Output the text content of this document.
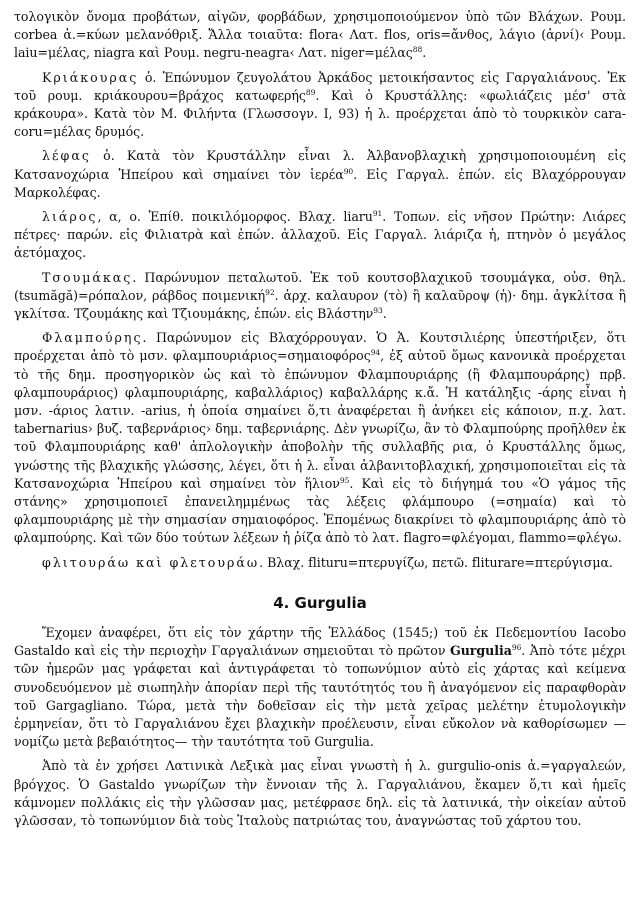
τολογικὸν ὄνομα προβάτων, αἰγῶν, φορβάδων, χρησιμοποιούμενον ὑπὸ τῶν Βλάχων. Ρουμ. corbea ἀ.=κύων μελανόθριξ. Ἄλλα τοιαῦτα: flora‹ Λατ. flos, oris=ἄνθος, λάγιο (ἀρνί)‹ Ρουμ. laiu=μέλας, niagra καὶ Ρουμ. negru-neagra‹ Λατ. niger=μέλας$^{88}$.

Κριάκουρας ὁ. Ἐπώνυμον ζευγολάτου Ἀρκάδος μετοικήσαντος εἰς Γαργαλιάνους. Ἐκ τοῦ ρουμ. κριάκουρου=βράχος κατωφερής$^{89}$. Καὶ ὁ Κρυστάλλης: «φωλιάζεις μέσ' στὰ κράκουρα». Κατὰ τὸν Μ. Φιλήντα (Γλωσσογν. I, 93) ἡ λ. προέρχεται ἀπὸ τὸ τουρκικὸν cara-coru=μέλας δρυμός.

λέφας ὁ. Κατὰ τὸν Κρυστάλλην εἶναι λ. Ἀλβανοβλαχικὴ χρησιμοποιουμένη εἰς Κατσανοχώρια Ἠπείρου καὶ σημαίνει τὸν ἱερέα$^{90}$. Εἰς Γαργαλ. ἐπών. εἰς Βλαχόρρουγαν Μαρκολέφας.

λιάρος, α, ο. Ἐπίθ. ποικιλόμορφος. Βλαχ. liaru$^{91}$. Τοπων. εἰς νῆσον Πρώτην: Λιάρες πέτρες· παρών. εἰς Φιλιατρὰ καὶ ἐπών. ἀλλαχοῦ. Εἰς Γαργαλ. λιάριζα ἡ, πτηνὸν ὁ μεγάλος ἀετόμαχος.

Τσουμάκας. Παρώνυμον πεταλωτοῦ. Ἐκ τοῦ κουτσοβλαχικοῦ τσουμάγκα, οὐσ. θηλ. (tsumăgă)=ρόπαλον, ράβδος ποιμενική$^{92}$. ἀρχ. καλαυρον (τὸ) ἢ καλαῦροψ (ἡ)· δημ. ἀγκλίτσα ἢ γκλίτσα. Τζουμάκης καὶ Τζιουμάκης, ἐπών. εἰς Βλάστην$^{93}$.

Φλαμπούρης. Παρώνυμον εἰς Βλαχόρρουγαν. Ὁ Ἀ. Κουτσιλιέρης ὑπεστήριξεν, ὅτι προέρχεται ἀπὸ τὸ μσν. φλαμπουριάριος=σημαιοφόρος$^{94}$, ἐξ αὐτοῦ ὅμως κανονικὰ προέρχεται τὸ τῆς δημ. προσηγορικὸν ὡς καὶ τὸ ἐπώνυμον Φλαμπουριάρης (ἢ Φλαμπουράρης) πρβ. φλαμπουράριος) φλαμπουριάρης, καβαλλάριος) καβαλλάρης κ.ἄ. Ἡ κατάληξις -άρης εἶναι ἡ μσν. -άριος λατιν. -arius, ἡ ὁποία σημαίνει ὅ,τι ἀναφέρεται ἢ ἀνήκει εἰς κάποιον, π.χ. λατ. tabernarius› βυζ. ταβερνάριος› δημ. ταβερνιάρης. Δὲν γνωρίζω, ἂν τὸ Φλαμπούρης προῆλθεν ἐκ τοῦ Φλαμπουριάρης καθ' ἀπλολογικὴν ἀποβολὴν τῆς συλλαβῆς ρια, ὁ Κρυστάλλης ὅμως, γνώστης τῆς βλαχικῆς γλώσσης, λέγει, ὅτι ἡ λ. εἶναι ἀλβανιτοβλαχική, χρησιμοποιεῖται εἰς τὰ Κατσανοχώρια Ἠπείρου καὶ σημαίνει τὸν ἥλιον$^{95}$. Καὶ εἰς τὸ διήγημά του «Ὁ γάμος τῆς στάνης» χρησιμοποιεῖ ἐπανειλημμένως τὰς λέξεις φλάμπουρο (=σημαία) καὶ τὸ φλαμπουριάρης μὲ τὴν σημασίαν σημαιοφόρος. Ἑπομένως διακρίνει τὸ φλαμπουριάρης ἀπὸ τὸ φλαμπούρης. Καὶ τῶν δύο τούτων λέξεων ἡ ῥίζα ἀπὸ τὸ λατ. flagro=φλέγομαι, flammo=φλέγω.

φλιτουράω καὶ φλετουράω. Βλαχ. flituru=πτερυγίζω, πετῶ. fliturare=πτερύγισμα.

4. Gurgulia

Ἔχομεν ἀναφέρει, ὅτι εἰς τὸν χάρτην τῆς Ἑλλάδος (1545;) τοῦ ἐκ Πεδεμοντίου Iacobo Gastaldo καὶ εἰς τὴν περιοχὴν Γαργαλιάνων σημειοῦται τὸ πρῶτον Gurgulia$^{96}$. Ἀπὸ τότε μέχρι τῶν ἡμερῶν μας γράφεται καὶ ἀντιγράφεται τὸ τοπωνύμιον αὐτὸ εἰς χάρτας καὶ κείμενα συνοδευόμενον μὲ σιωπηλὴν ἀπορίαν περὶ τῆς ταυτότητός του ἢ ἀναγόμενον εἰς παραφθορὰν τοῦ Gargagliano. Τώρα, μετὰ τὴν δοθεῖσαν εἰς τὴν μετὰ χεῖρας μελέτην ἐτυμολογικὴν ἑρμηνείαν, ὅτι τὸ Γαργαλιάνου ἔχει βλαχικὴν προέλευσιν, εἶναι εὔκολον νὰ καθορίσωμεν —νομίζω μετὰ βεβαιότητος— τὴν ταυτότητα τοῦ Gurgulia.

Ἀπὸ τὰ ἐν χρήσει Λατινικὰ Λεξικὰ μας εἶναι γνωστὴ ἡ λ. gurgulio-onis ἀ.=γαργαλεών, βρόγχος. Ὁ Gastaldo γνωρίζων τὴν ἔννοιαν τῆς λ. Γαργαλιάνου, ἔκαμεν ὅ,τι καὶ ἡμεῖς κάμνομεν πολλάκις εἰς τὴν γλῶσσαν μας, μετέφρασε δηλ. εἰς τὰ λατινικά, τὴν οἰκείαν αὐτοῦ γλῶσσαν, τὸ τοπωνύμιον διὰ τοὺς Ἰταλοὺς πατριώτας του, ἀναγνώστας τοῦ χάρτου του.
